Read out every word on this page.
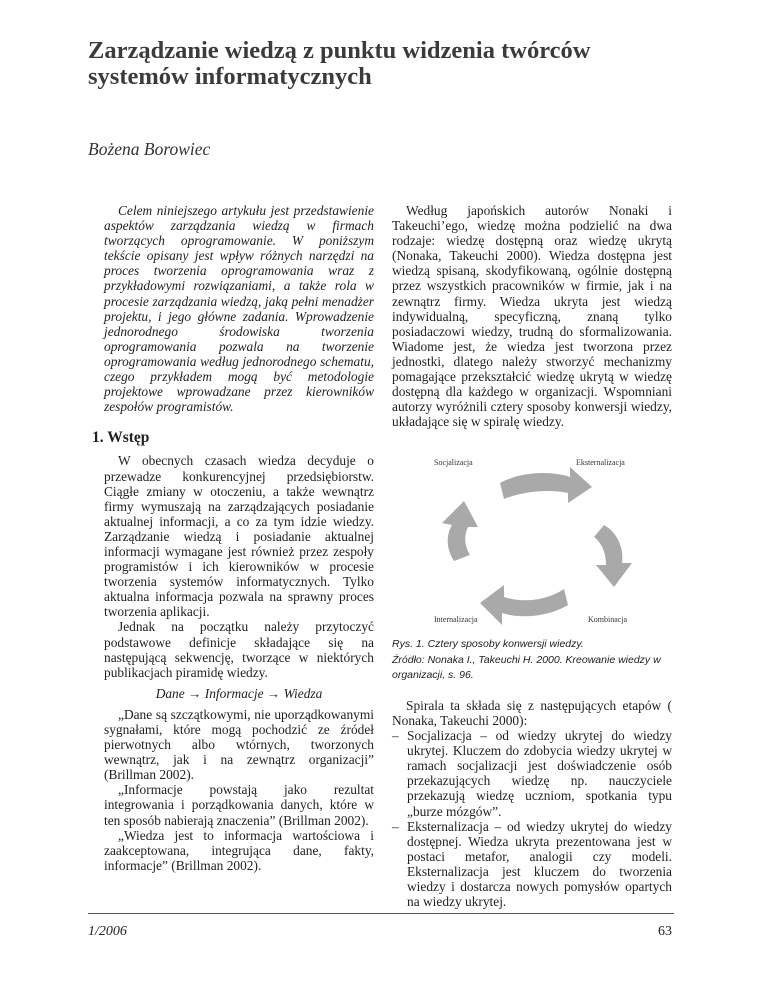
Zarządzanie wiedzą z punktu widzenia twórców systemów informatycznych
Bożena Borowiec

Celem niniejszego artykułu jest przedstawienie aspektów zarządzania wiedzą w firmach tworzących oprogramowanie. W poniższym tekście opisany jest wpływ różnych narzędzi na proces tworzenia oprogramowania wraz z przykładowymi rozwiązaniami, a także rola w procesie zarządzania wiedzą, jaką pełni menadżer projektu, i jego główne zadania. Wprowadzenie jednorodnego środowiska tworzenia oprogramowania pozwala na tworzenie oprogramowania według jednorodnego schematu, czego przykładem mogą być metodologie projektowe wprowadzane przez kierowników zespołów programistów.

1. Wstęp

W obecnych czasach wiedza decyduje o przewadze konkurencyjnej przedsiębiorstw. Ciągłe zmiany w otoczeniu, a także wewnątrz firmy wymuszają na zarządzających posiadanie aktualnej informacji, a co za tym idzie wiedzy. Zarządzanie wiedzą i posiadanie aktualnej informacji wymagane jest również przez zespoły programistów i ich kierowników w procesie tworzenia systemów informatycznych. Tylko aktualna informacja pozwala na sprawny proces tworzenia aplikacji.

Jednak na początku należy przytoczyć podstawowe definicje składające się na następującą sekwencję, tworzące w niektórych publikacjach piramidę wiedzy.

Dane → Informacje → Wiedza

„Dane są szczątkowymi, nie uporządkowanymi sygnałami, które mogą pochodzić ze źródeł pierwotnych albo wtórnych, tworzonych wewnątrz, jak i na zewnątrz organizacji” (Brillman 2002).

„Informacje powstają jako rezultat integrowania i porządkowania danych, które w ten sposób nabierają znaczenia” (Brillman 2002).

„Wiedza jest to informacja wartościowa i zaakceptowana, integrująca dane, fakty, informacje” (Brillman 2002).

Według japońskich autorów Nonaki i Takeuchi’ego, wiedzę można podzielić na dwa rodzaje: wiedzę dostępną oraz wiedzę ukrytą (Nonaka, Takeuchi 2000). Wiedza dostępna jest wiedzą spisaną, skodyfikowaną, ogólnie dostępną przez wszystkich pracowników w firmie, jak i na zewnątrz firmy. Wiedza ukryta jest wiedzą indywidualną, specyficzną, znaną tylko posiadaczowi wiedzy, trudną do sformalizowania. Wiadome jest, że wiedza jest tworzona przez jednostki, dlatego należy stworzyć mechanizmy pomagające przekształcić wiedzę ukrytą w wiedzę dostępną dla każdego w organizacji. Wspomniani autorzy wyróżnili cztery sposoby konwersji wiedzy, układające się w spiralę wiedzy.

Socjalizacja	Eksternalizacja
Internalizacja	Kombinacja

Rys. 1. Cztery sposoby konwersji wiedzy.
Źródło: Nonaka I., Takeuchi H. 2000. Kreowanie wiedzy w organizacji, s. 96.

Spirala ta składa się z następujących etapów ( Nonaka, Takeuchi 2000):

– Socjalizacja – od wiedzy ukrytej do wiedzy ukrytej. Kluczem do zdobycia wiedzy ukrytej w ramach socjalizacji jest doświadczenie osób przekazujących wiedzę np. nauczyciele przekazują wiedzę uczniom, spotkania typu „burze mózgów”.
– Eksternalizacja – od wiedzy ukrytej do wiedzy dostępnej. Wiedza ukryta prezentowana jest w postaci metafor, analogii czy modeli. Eksternalizacja jest kluczem do tworzenia wiedzy i dostarcza nowych pomysłów opartych na wiedzy ukrytej.
1/2006	63
